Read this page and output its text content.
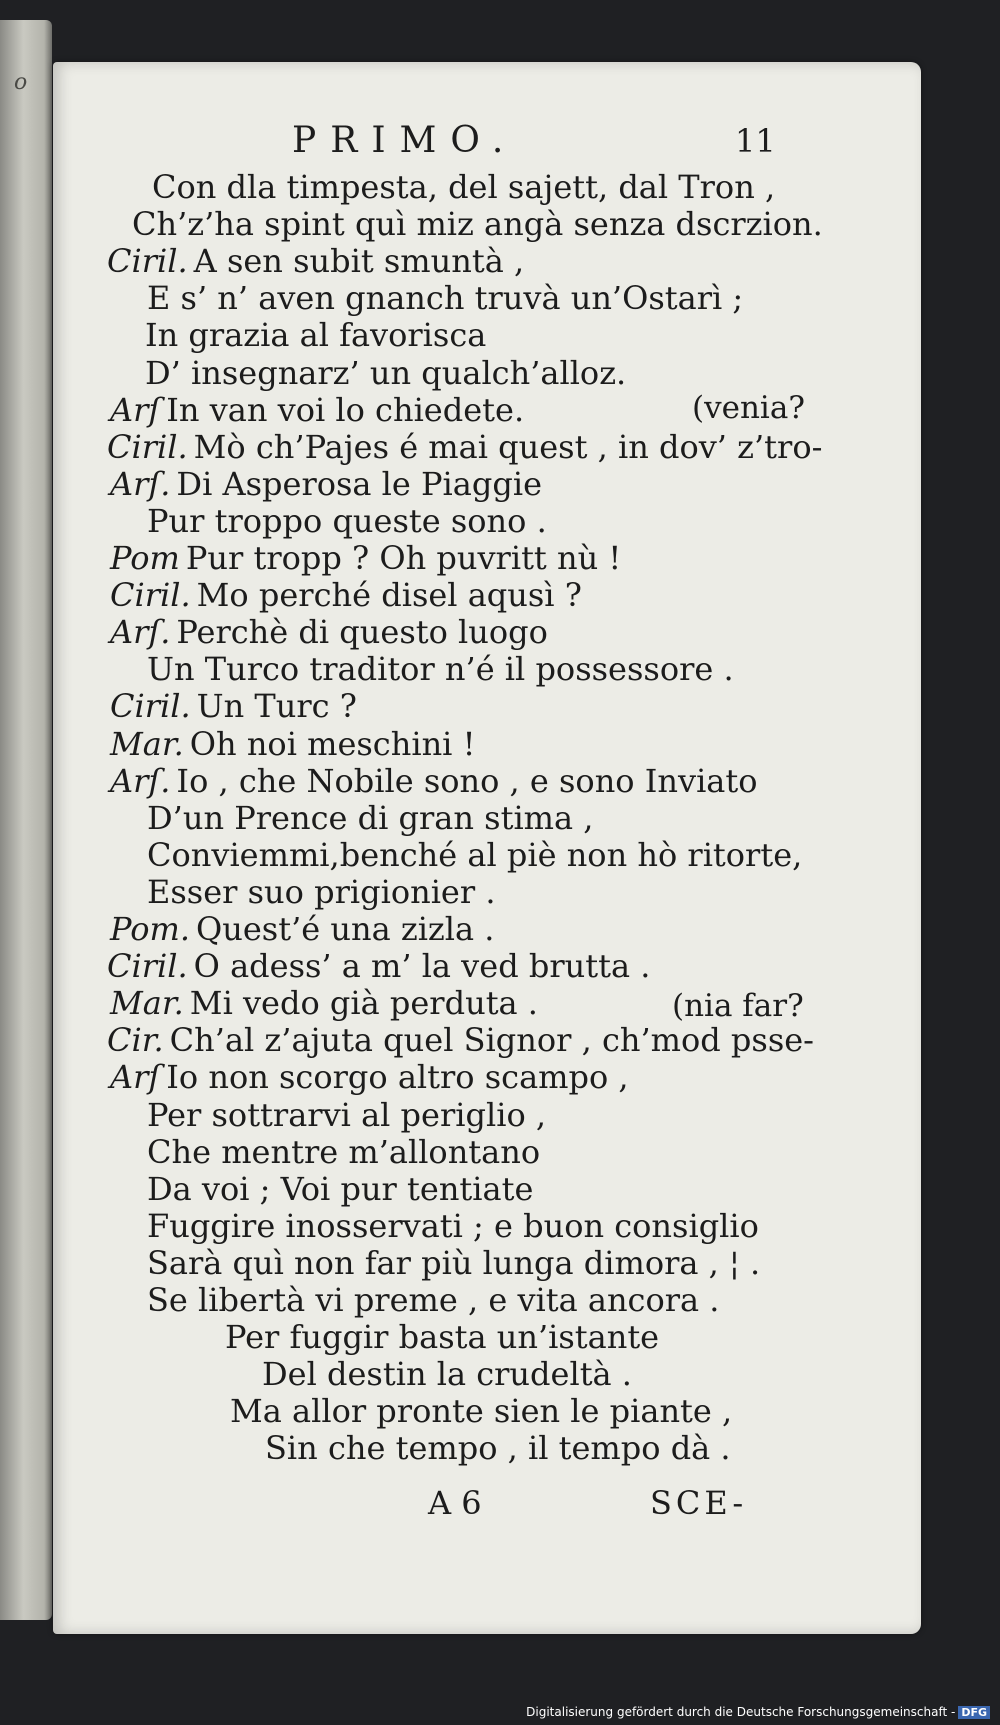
o
PRIMO.	11
Con dla timpesta, del sajett, dal Tron ,
Ch’z’ha spint quì miz angà senza dscrzion.
Ciril. A sen subit smuntà ,
E s’ n’ aven gnanch truvà un’Ostarì ;
In grazia al favorisca
D’ insegnarz’ un qualch’alloz.
Arſ In van voi lo chiedete.
Ciril. Mò ch’Pajes é mai quest , in dov’ z’tro-
Arſ. Di Asperosa le Piaggie
Pur troppo queste sono .
Pom Pur tropp ? Oh puvritt nù !
Ciril. Mo perché disel aqusì ?
Arſ. Perchè di questo luogo
Un Turco traditor n’é il possessore .
Ciril. Un Turc ?
Mar. Oh noi meschini !
Arſ. Io , che Nobile sono , e sono Inviato
D’un Prence di gran stima ,
Conviemmi,benché al piè non hò ritorte,
Esser suo prigionier .
Pom. Quest’é una zizla .
Ciril. O adess’ a m’ la ved brutta .
Mar. Mi vedo già perduta .
Cir. Ch’al z’ajuta quel Signor , ch’mod psse-
Arſ Io non scorgo altro scampo ,
Per sottrarvi al periglio ,
Che mentre m’allontano
Da voi ; Voi pur tentiate
Fuggire inosservati ; e buon consiglio
Sarà quì non far più lunga dimora , ¦ .
Se libertà vi preme , e vita ancora .
Per fuggir basta un’istante
Del destin la crudeltà .
Ma allor pronte sien le piante ,
Sin che tempo , il tempo dà .
(venia?
(nia far?
A 6	SCE-
Digitalisierung gefördert durch die Deutsche Forschungsgemeinschaft - DFG
